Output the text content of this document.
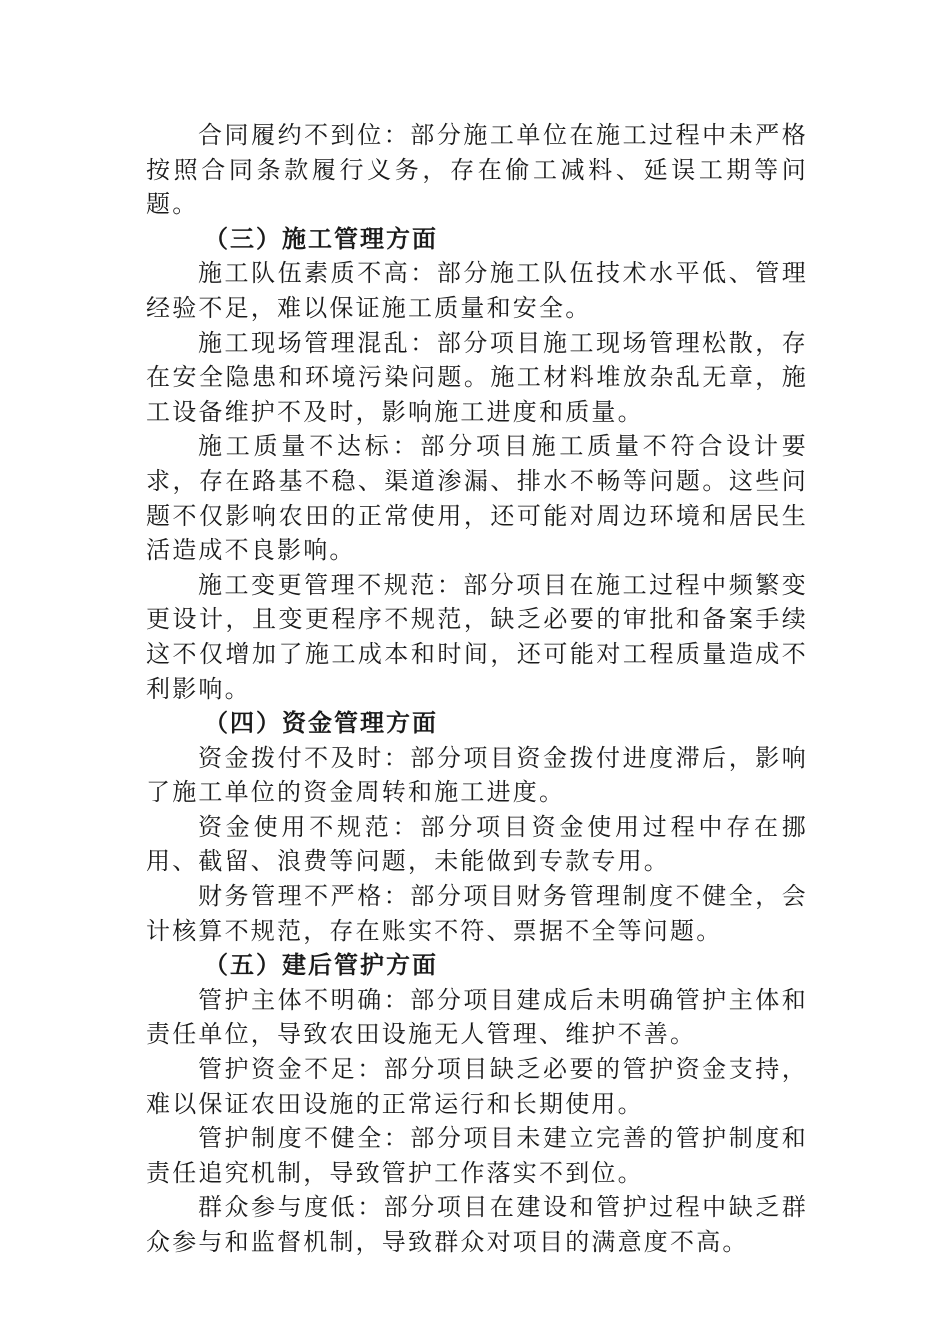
合同履约不到位：部分施工单位在施工过程中未严格按照合同条款履行义务，存在偷工减料、延误工期等问题。

（三）施工管理方面

施工队伍素质不高：部分施工队伍技术水平低、管理经验不足，难以保证施工质量和安全。

施工现场管理混乱：部分项目施工现场管理松散，存在安全隐患和环境污染问题。施工材料堆放杂乱无章，施工设备维护不及时，影响施工进度和质量。

施工质量不达标：部分项目施工质量不符合设计要求，存在路基不稳、渠道渗漏、排水不畅等问题。这些问题不仅影响农田的正常使用，还可能对周边环境和居民生活造成不良影响。

施工变更管理不规范：部分项目在施工过程中频繁变更设计，且变更程序不规范，缺乏必要的审批和备案手续这不仅增加了施工成本和时间，还可能对工程质量造成不利影响。

（四）资金管理方面

资金拨付不及时：部分项目资金拨付进度滞后，影响了施工单位的资金周转和施工进度。

资金使用不规范：部分项目资金使用过程中存在挪用、截留、浪费等问题，未能做到专款专用。

财务管理不严格：部分项目财务管理制度不健全，会计核算不规范，存在账实不符、票据不全等问题。

（五）建后管护方面

管护主体不明确：部分项目建成后未明确管护主体和责任单位，导致农田设施无人管理、维护不善。

管护资金不足：部分项目缺乏必要的管护资金支持，难以保证农田设施的正常运行和长期使用。

管护制度不健全：部分项目未建立完善的管护制度和责任追究机制，导致管护工作落实不到位。

群众参与度低：部分项目在建设和管护过程中缺乏群众参与和监督机制，导致群众对项目的满意度不高。
